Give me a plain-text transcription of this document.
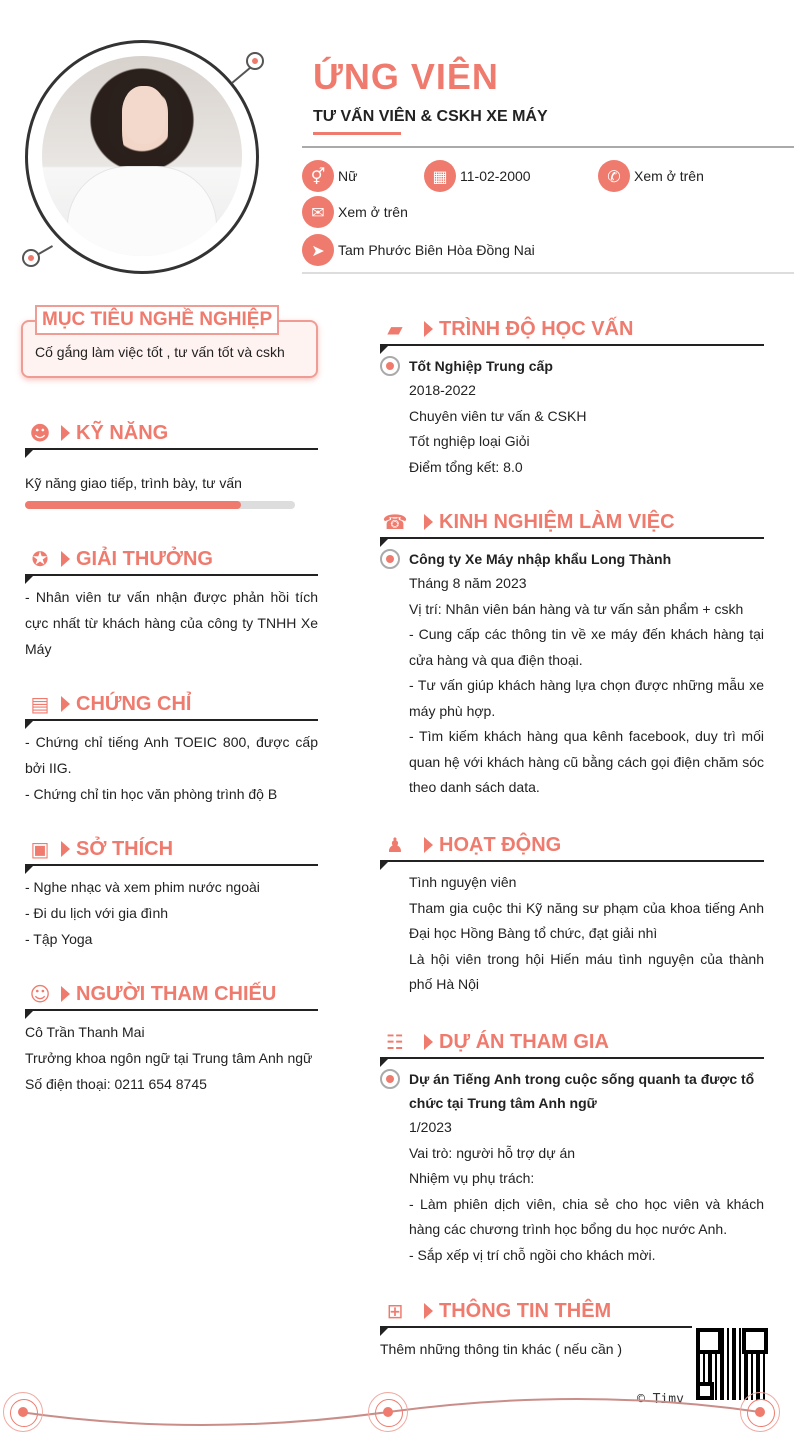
ỨNG VIÊN
TƯ VẤN VIÊN & CSKH XE MÁY
⚥ Nữ	▦ 11-02-2000	✆ Xem ở trên
✉ Xem ở trên
➤ Tam Phước Biên Hòa Đồng Nai
MỤC TIÊU NGHỀ NGHIỆP
Cố gắng làm việc tốt , tư vấn tốt và cskh
☻ KỸ NĂNG
Kỹ năng giao tiếp, trình bày, tư vấn
✪	GIẢI THƯỞNG
- Nhân viên tư vấn nhận được phản hồi tích cực nhất từ khách hàng của công ty TNHH Xe Máy
▤ CHỨNG CHỈ
- Chứng chỉ tiếng Anh TOEIC 800, được cấp bởi IIG.
- Chứng chỉ tin học văn phòng trình độ B
▣ SỞ THÍCH
- Nghe nhạc và xem phim nước ngoài
- Đi du lịch với gia đình
- Tập Yoga
☺ NGƯỜI THAM CHIẾU
Cô Trần Thanh Mai
Trưởng khoa ngôn ngữ tại Trung tâm Anh ngữ
Số điện thoại: 0211 654 8745
▰	TRÌNH ĐỘ HỌC VẤN
Tốt Nghiệp Trung cấp
2018-2022
Chuyên viên tư vấn & CSKH
Tốt nghiệp loại Giỏi
Điểm tổng kết: 8.0
☎ KINH NGHIỆM LÀM VIỆC
Công ty Xe Máy nhập khẩu Long Thành
Tháng 8 năm 2023
Vị trí: Nhân viên bán hàng và tư vấn sản phẩm + cskh
- Cung cấp các thông tin về xe máy đến khách hàng tại cửa hàng và qua điện thoại.
- Tư vấn giúp khách hàng lựa chọn được những mẫu xe máy phù hợp.
- Tìm kiếm khách hàng qua kênh facebook, duy trì mối quan hệ với khách hàng cũ bằng cách gọi điện chăm sóc theo danh sách data.
♟	HOẠT ĐỘNG
Tình nguyện viên
Tham gia cuộc thi Kỹ năng sư phạm của khoa tiếng Anh Đại học Hồng Bàng tổ chức, đạt giải nhì
Là hội viên trong hội Hiến máu tình nguyện của thành phố Hà Nội
☷	DỰ ÁN THAM GIA
Dự án Tiếng Anh trong cuộc sống quanh ta được tổ chức tại Trung tâm Anh ngữ
1/2023
Vai trò: người hỗ trợ dự án
Nhiệm vụ phụ trách:
- Làm phiên dịch viên, chia sẻ cho học viên và khách hàng các chương trình học bổng du học nước Anh.
- Sắp xếp vị trí chỗ ngồi cho khách mời.
⊞	THÔNG TIN THÊM
Thêm những thông tin khác ( nếu cần )
© Timv
